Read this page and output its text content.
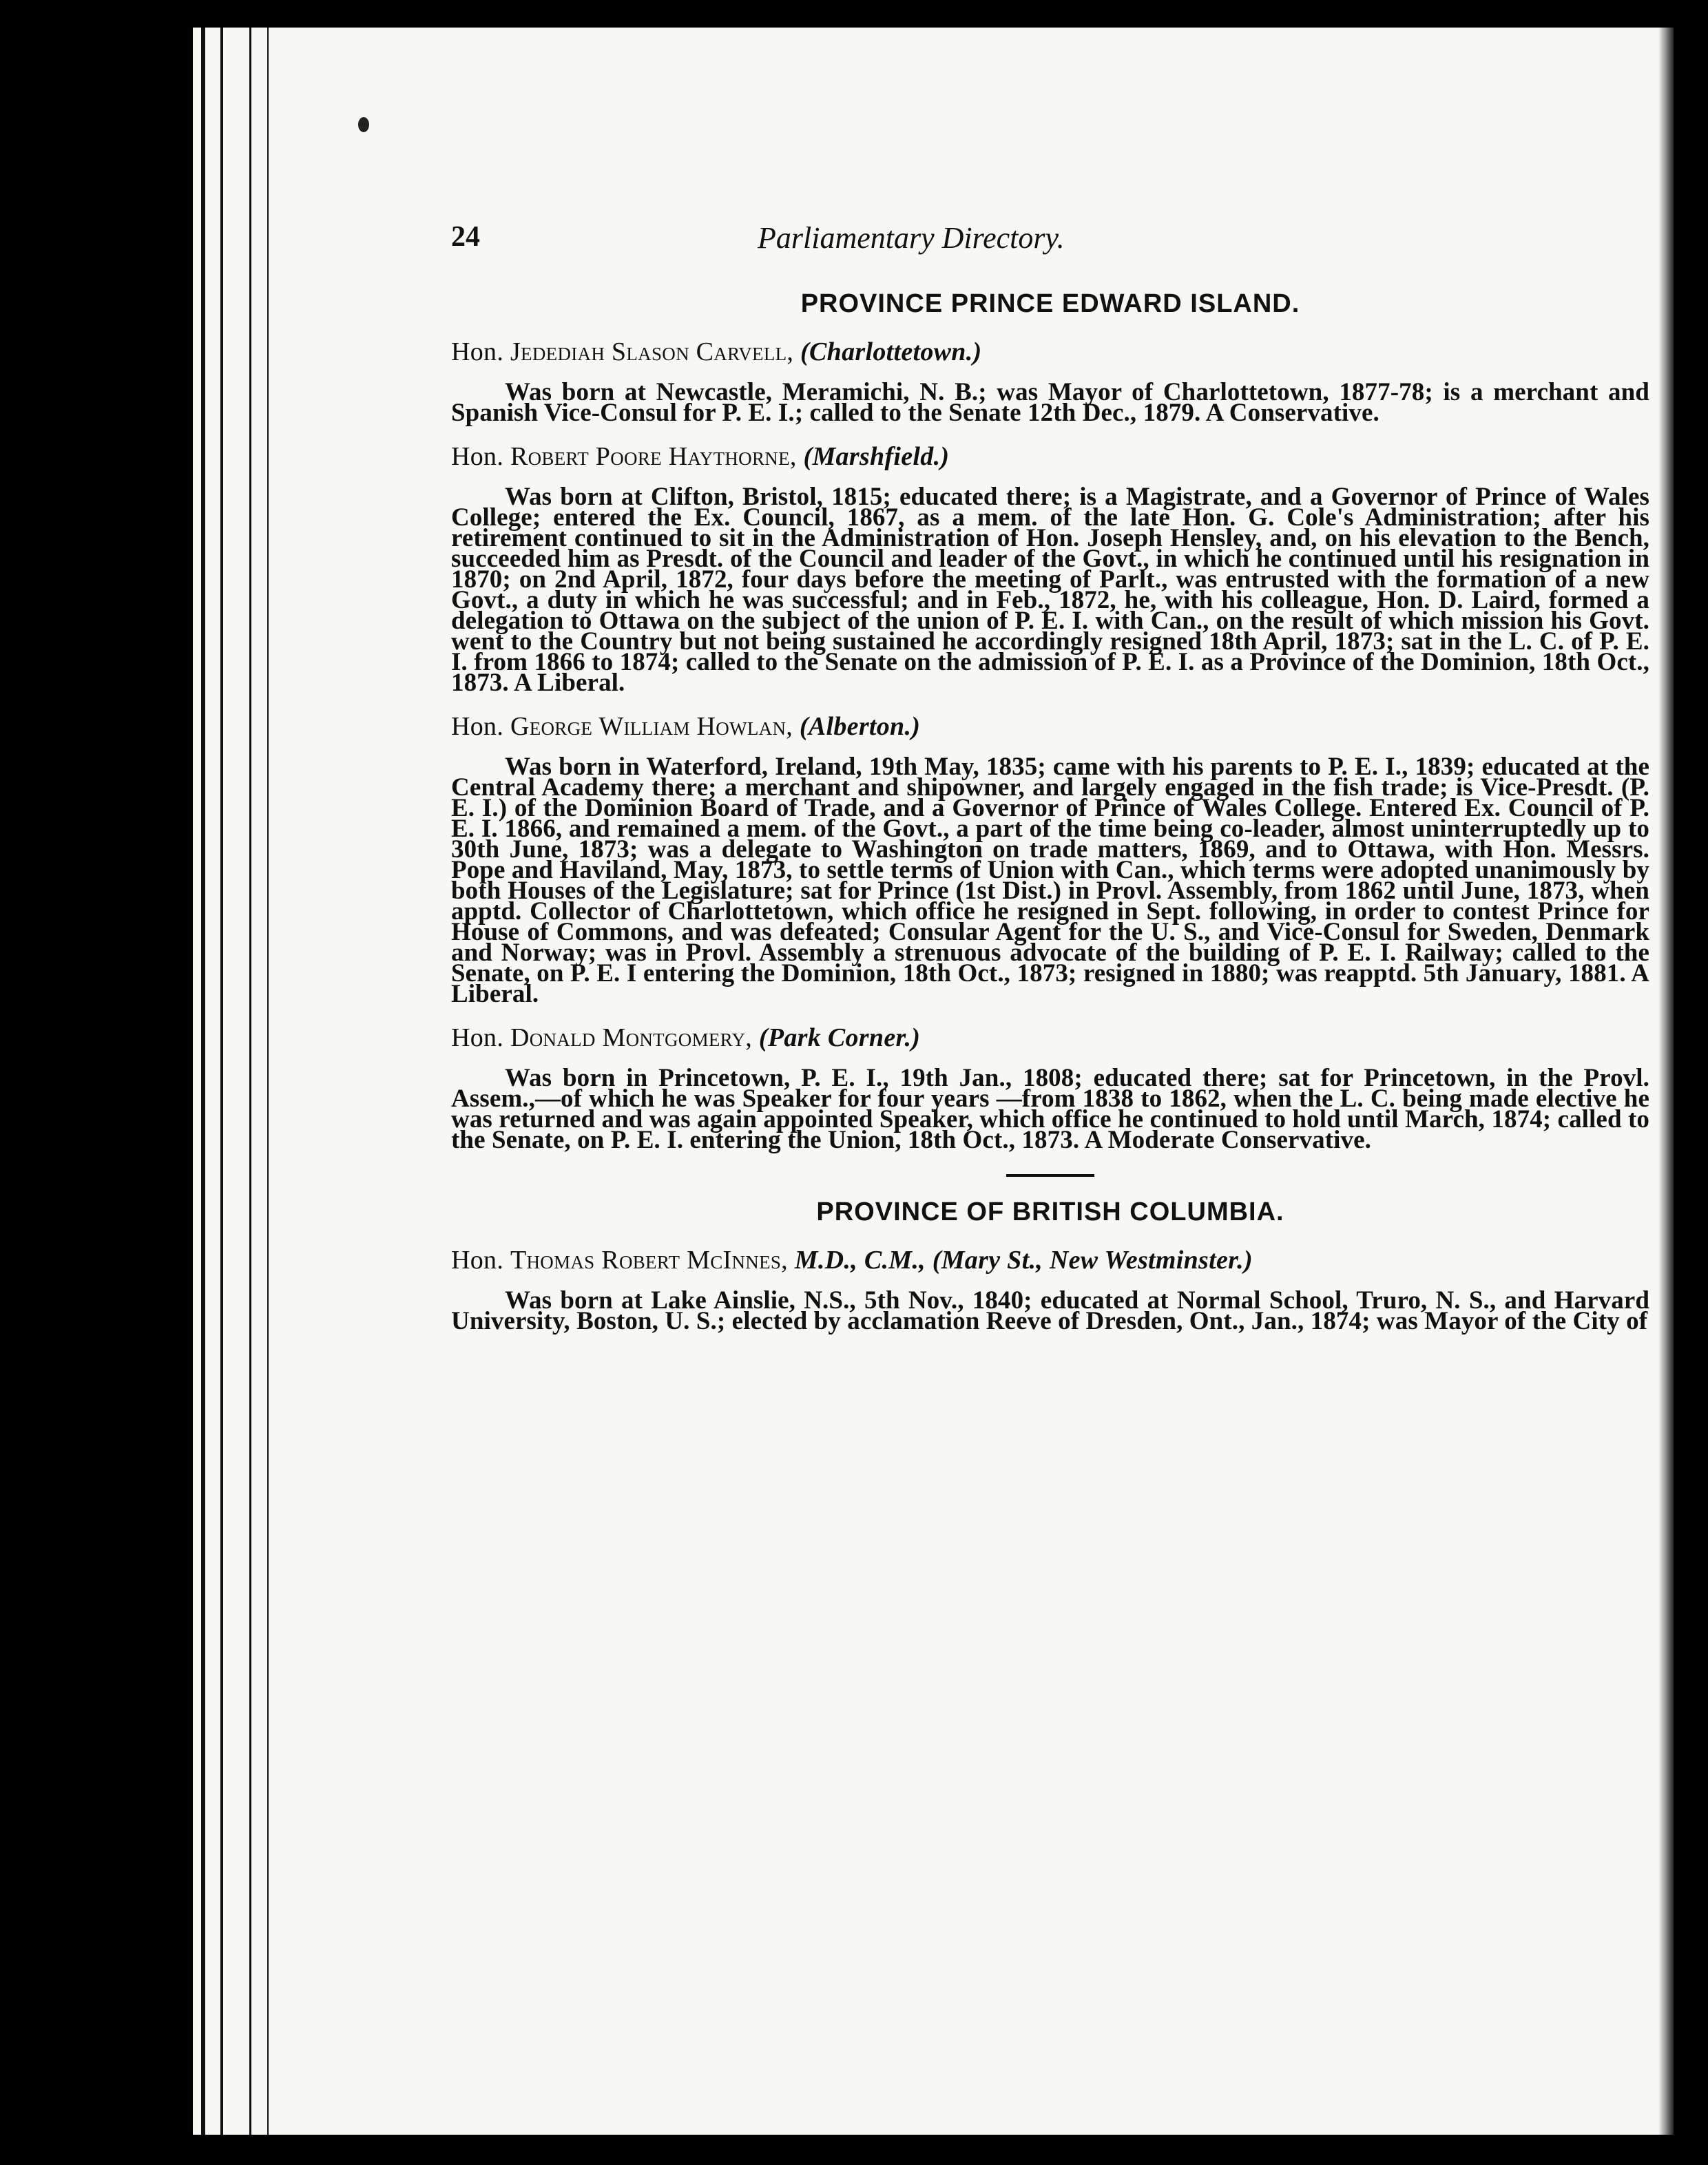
24	Parliamentary Directory.
PROVINCE PRINCE EDWARD ISLAND.
Hon. Jedediah Slason Carvell, (Charlottetown.)

Was born at Newcastle, Meramichi, N. B.; was Mayor of Charlottetown, 1877-78; is a merchant and Spanish Vice-Consul for P. E. I.; called to the Senate 12th Dec., 1879. A Conservative.

Hon. Robert Poore Haythorne, (Marshfield.)

Was born at Clifton, Bristol, 1815; educated there; is a Magistrate, and a Governor of Prince of Wales College; entered the Ex. Council, 1867, as a mem. of the late Hon. G. Cole's Administration; after his retirement continued to sit in the Administration of Hon. Joseph Hensley, and, on his elevation to the Bench, succeeded him as Presdt. of the Council and leader of the Govt., in which he continued until his resignation in 1870; on 2nd April, 1872, four days before the meeting of Parlt., was entrusted with the formation of a new Govt., a duty in which he was successful; and in Feb., 1872, he, with his colleague, Hon. D. Laird, formed a delegation to Ottawa on the subject of the union of P. E. I. with Can., on the result of which mission his Govt. went to the Country but not being sustained he accordingly resigned 18th April, 1873; sat in the L. C. of P. E. I. from 1866 to 1874; called to the Senate on the admission of P. E. I. as a Province of the Dominion, 18th Oct., 1873. A Liberal.

Hon. George William Howlan, (Alberton.)

Was born in Waterford, Ireland, 19th May, 1835; came with his parents to P. E. I., 1839; educated at the Central Academy there; a merchant and shipowner, and largely engaged in the fish trade; is Vice-Presdt. (P. E. I.) of the Dominion Board of Trade, and a Governor of Prince of Wales College. Entered Ex. Council of P. E. I. 1866, and remained a mem. of the Govt., a part of the time being co-leader, almost uninterruptedly up to 30th June, 1873; was a delegate to Washington on trade matters, 1869, and to Ottawa, with Hon. Messrs. Pope and Haviland, May, 1873, to settle terms of Union with Can., which terms were adopted unanimously by both Houses of the Legislature; sat for Prince (1st Dist.) in Provl. Assembly, from 1862 until June, 1873, when apptd. Collector of Charlottetown, which office he resigned in Sept. following, in order to contest Prince for House of Commons, and was defeated; Consular Agent for the U. S., and Vice-Consul for Sweden, Denmark and Norway; was in Provl. Assembly a strenuous advocate of the building of P. E. I. Railway; called to the Senate, on P. E. I entering the Dominion, 18th Oct., 1873; resigned in 1880; was reapptd. 5th January, 1881. A Liberal.

Hon. Donald Montgomery, (Park Corner.)

Was born in Princetown, P. E. I., 19th Jan., 1808; educated there; sat for Princetown, in the Provl. Assem.,—of which he was Speaker for four years —from 1838 to 1862, when the L. C. being made elective he was returned and was again appointed Speaker, which office he continued to hold until March, 1874; called to the Senate, on P. E. I. entering the Union, 18th Oct., 1873. A Moderate Conservative.

PROVINCE OF BRITISH COLUMBIA.
Hon. Thomas Robert McInnes, M.D., C.M., (Mary St., New Westminster.)

Was born at Lake Ainslie, N.S., 5th Nov., 1840; educated at Normal School, Truro, N. S., and Harvard University, Boston, U. S.; elected by acclamation Reeve of Dresden, Ont., Jan., 1874; was Mayor of the City of
